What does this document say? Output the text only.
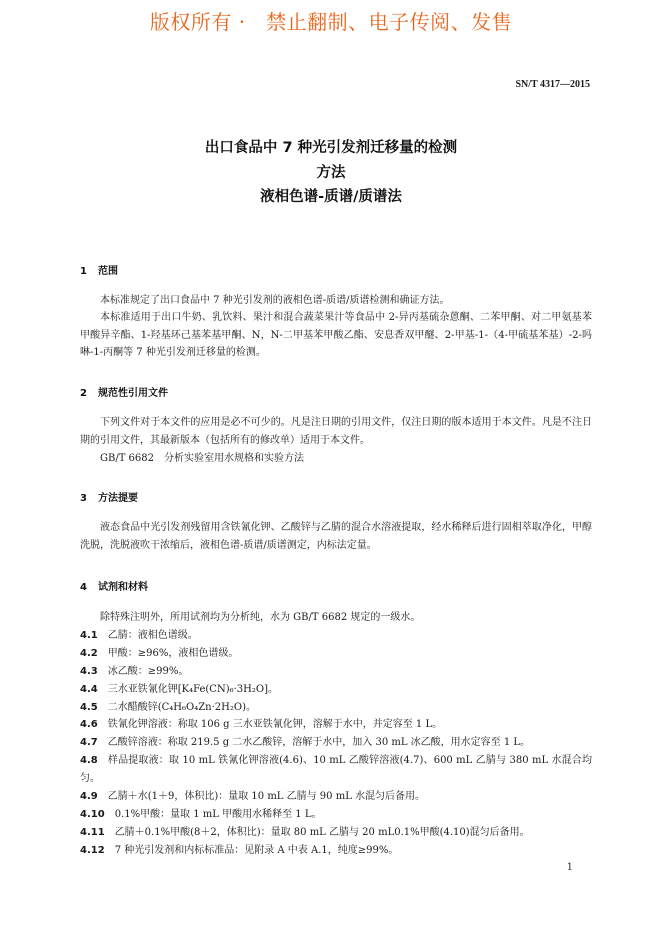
版权所有 ·   禁止翻制、电子传阅、发售
SN/T 4317—2015
出口食品中 7 种光引发剂迁移量的检测
方法
液相色谱-质谱/质谱法
1 范围
本标准规定了出口食品中 7 种光引发剂的液相色谱-质谱/质谱检测和确证方法。
本标准适用于出口牛奶、乳饮料、果汁和混合蔬菜果汁等食品中 2-异丙基硫杂蒽酮、二苯甲酮、对二甲氨基苯甲酸异辛酯、1-羟基环己基苯基甲酮、N，N-二甲基苯甲酸乙酯、安息香双甲醚、2-甲基-1-（4-甲硫基苯基）-2-吗啉-1-丙酮等 7 种光引发剂迁移量的检测。
2 规范性引用文件
下列文件对于本文件的应用是必不可少的。凡是注日期的引用文件，仅注日期的版本适用于本文件。凡是不注日期的引用文件，其最新版本（包括所有的修改单）适用于本文件。
GB/T 6682　分析实验室用水规格和实验方法
3 方法提要
液态食品中光引发剂残留用含铁氰化钾、乙酸锌与乙腈的混合水溶液提取，经水稀释后进行固相萃取净化，甲醇洗脱，洗脱液吹干浓缩后，液相色谱-质谱/质谱测定，内标法定量。
4 试剂和材料
除特殊注明外，所用试剂均为分析纯，水为 GB/T 6682 规定的一级水。
4.1 乙腈：液相色谱级。
4.2 甲酸：≥96%，液相色谱级。
4.3 冰乙酸：≥99%。
4.4 三水亚铁氰化钾[K₄Fe(CN)₆·3H₂O]。
4.5 二水醋酸锌(C₄H₆O₄Zn·2H₂O)。
4.6 铁氰化钾溶液：称取 106 g 三水亚铁氰化钾，溶解于水中，并定容至 1 L。
4.7 乙酸锌溶液：称取 219.5 g 二水乙酸锌，溶解于水中，加入 30 mL 冰乙酸，用水定容至 1 L。
4.8 样品提取液：取 10 mL 铁氰化钾溶液(4.6)、10 mL 乙酸锌溶液(4.7)、600 mL 乙腈与 380 mL 水混合均匀。
4.9 乙腈＋水(1＋9，体积比)：量取 10 mL 乙腈与 90 mL 水混匀后备用。
4.10 0.1%甲酸：量取 1 mL 甲酸用水稀释至 1 L。
4.11 乙腈＋0.1%甲酸(8＋2，体积比)：量取 80 mL 乙腈与 20 mL0.1%甲酸(4.10)混匀后备用。
4.12 7 种光引发剂和内标标准品：见附录 A 中表 A.1，纯度≥99%。
1
